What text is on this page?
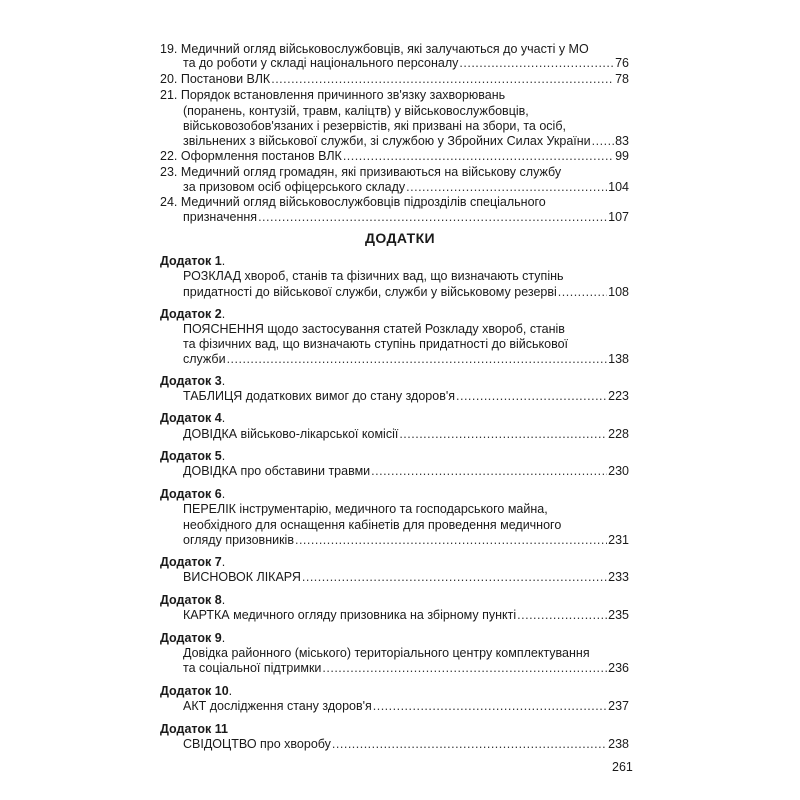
19. Медичний огляд військовослужбовців, які залучаються до участі у МО
та до роботи у складі національного персоналу .....	76
20. Постанови ВЛК .....	78
21. Порядок встановлення причинного зв'язку захворювань
(поранень, контузій, травм, каліцтв) у військовослужбовців,
військовозобов'язаних і резервістів, які призвані на збори, та осіб,
звільнених з військової служби, зі службою у Збройних Силах України ..... 83
22. Оформлення постанов ВЛК .....	99
23. Медичний огляд громадян, які призиваються на військову службу
за призовом осіб офіцерського складу .....	104
24. Медичний огляд військовослужбовців підрозділів спеціального
призначення .....	107
ДОДАТКИ
Додаток 1.
РОЗКЛАД хвороб, станів та фізичних вад, що визначають ступінь
придатності до військової служби, служби у військовому резерві .....	108
Додаток 2.
ПОЯСНЕННЯ щодо застосування статей Розкладу хвороб, станів
та фізичних вад, що визначають ступінь придатності до військової
служби .....	138
Додаток 3.
ТАБЛИЦЯ додаткових вимог до стану здоров'я .....	223
Додаток 4.
ДОВІДКА військово-лікарської комісії .....	228
Додаток 5.
ДОВІДКА про обставини травми .....	230
Додаток 6.
ПЕРЕЛІК інструментарію, медичного та господарського майна,
необхідного для оснащення кабінетів для проведення медичного
огляду призовників .....	231
Додаток 7.
ВИСНОВОК ЛІКАРЯ .....	233
Додаток 8.
КАРТКА медичного огляду призовника на збірному пункті .....	235
Додаток 9.
Довідка районного (міського) територіального центру комплектування
та соціальної підтримки .....	236
Додаток 10.
АКТ дослідження стану здоров'я .....	237
Додаток 11
СВІДОЦТВО про хворобу .....	238
261
